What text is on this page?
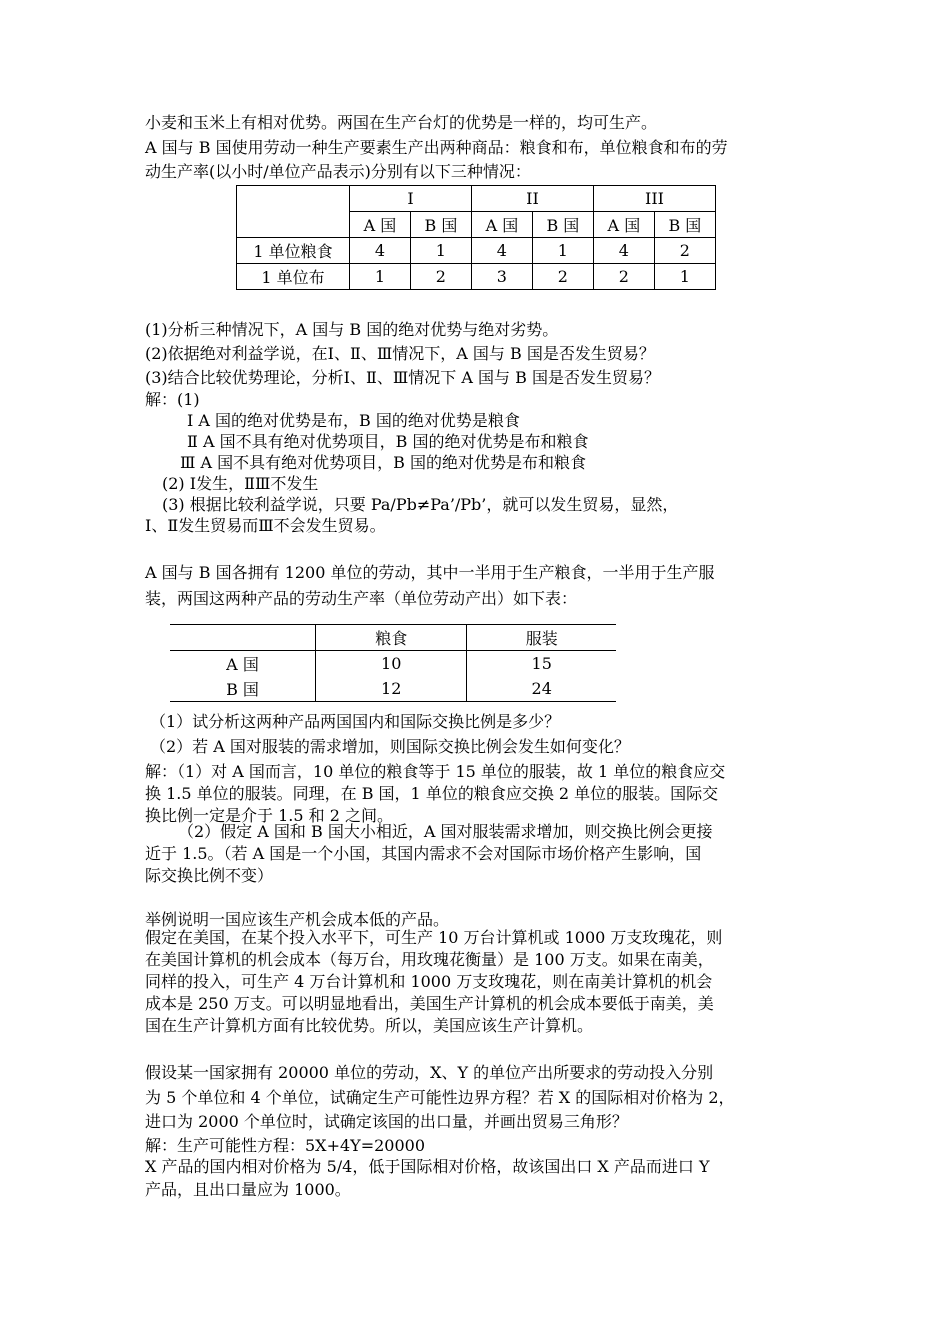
小麦和玉米上有相对优势。两国在生产台灯的优势是一样的，均可生产。
A 国与 B 国使用劳动一种生产要素生产出两种商品：粮食和布，单位粮食和布的劳
动生产率(以小时/单位产品表示)分别有以下三种情况：
	I		II		III	
	A 国	B 国	A 国	B 国	A 国	B 国
1 单位粮食	4	1	4	1	4	2
1 单位布	1	2	3	2	2	1
(1)分析三种情况下，A 国与 B 国的绝对优势与绝对劣势。
(2)依据绝对利益学说，在Ⅰ、Ⅱ、Ⅲ情况下，A 国与 B 国是否发生贸易？
(3)结合比较优势理论，分析Ⅰ、Ⅱ、Ⅲ情况下 A 国与 B 国是否发生贸易？
解：(1)
Ⅰ A 国的绝对优势是布，B 国的绝对优势是粮食
Ⅱ A 国不具有绝对优势项目，B 国的绝对优势是布和粮食
Ⅲ A 国不具有绝对优势项目，B 国的绝对优势是布和粮食
(2) Ⅰ发生，ⅡⅢ不发生
(3) 根据比较利益学说，只要 Pa/Pb≠Pa’/Pb’，就可以发生贸易，显然，
Ⅰ、Ⅱ发生贸易而Ⅲ不会发生贸易。
A 国与 B 国各拥有 1200 单位的劳动，其中一半用于生产粮食，一半用于生产服
装，两国这两种产品的劳动生产率（单位劳动产出）如下表：
	粮食	服装
A 国	10	15
B 国	12	24
（1）试分析这两种产品两国国内和国际交换比例是多少？
（2）若 A 国对服装的需求增加，则国际交换比例会发生如何变化？
解：（1）对 A 国而言，10 单位的粮食等于 15 单位的服装，故 1 单位的粮食应交
换 1.5 单位的服装。同理，在 B 国，1 单位的粮食应交换 2 单位的服装。国际交
换比例一定是介于 1.5 和 2 之间。
（2）假定 A 国和 B 国大小相近，A 国对服装需求增加，则交换比例会更接
近于 1.5。（若 A 国是一个小国，其国内需求不会对国际市场价格产生影响，国
际交换比例不变）
举例说明一国应该生产机会成本低的产品。
假定在美国，在某个投入水平下，可生产 10 万台计算机或 1000 万支玫瑰花，则
在美国计算机的机会成本（每万台，用玫瑰花衡量）是 100 万支。如果在南美，
同样的投入，可生产 4 万台计算机和 1000 万支玫瑰花，则在南美计算机的机会
成本是 250 万支。可以明显地看出，美国生产计算机的机会成本要低于南美，美
国在生产计算机方面有比较优势。所以，美国应该生产计算机。
假设某一国家拥有 20000 单位的劳动，X、Y 的单位产出所要求的劳动投入分别
为 5 个单位和 4 个单位，试确定生产可能性边界方程？若 X 的国际相对价格为 2，
进口为 2000 个单位时，试确定该国的出口量，并画出贸易三角形？
解：生产可能性方程：5X+4Y=20000
X 产品的国内相对价格为 5/4，低于国际相对价格，故该国出口 X 产品而进口 Y
产品，且出口量应为 1000。
